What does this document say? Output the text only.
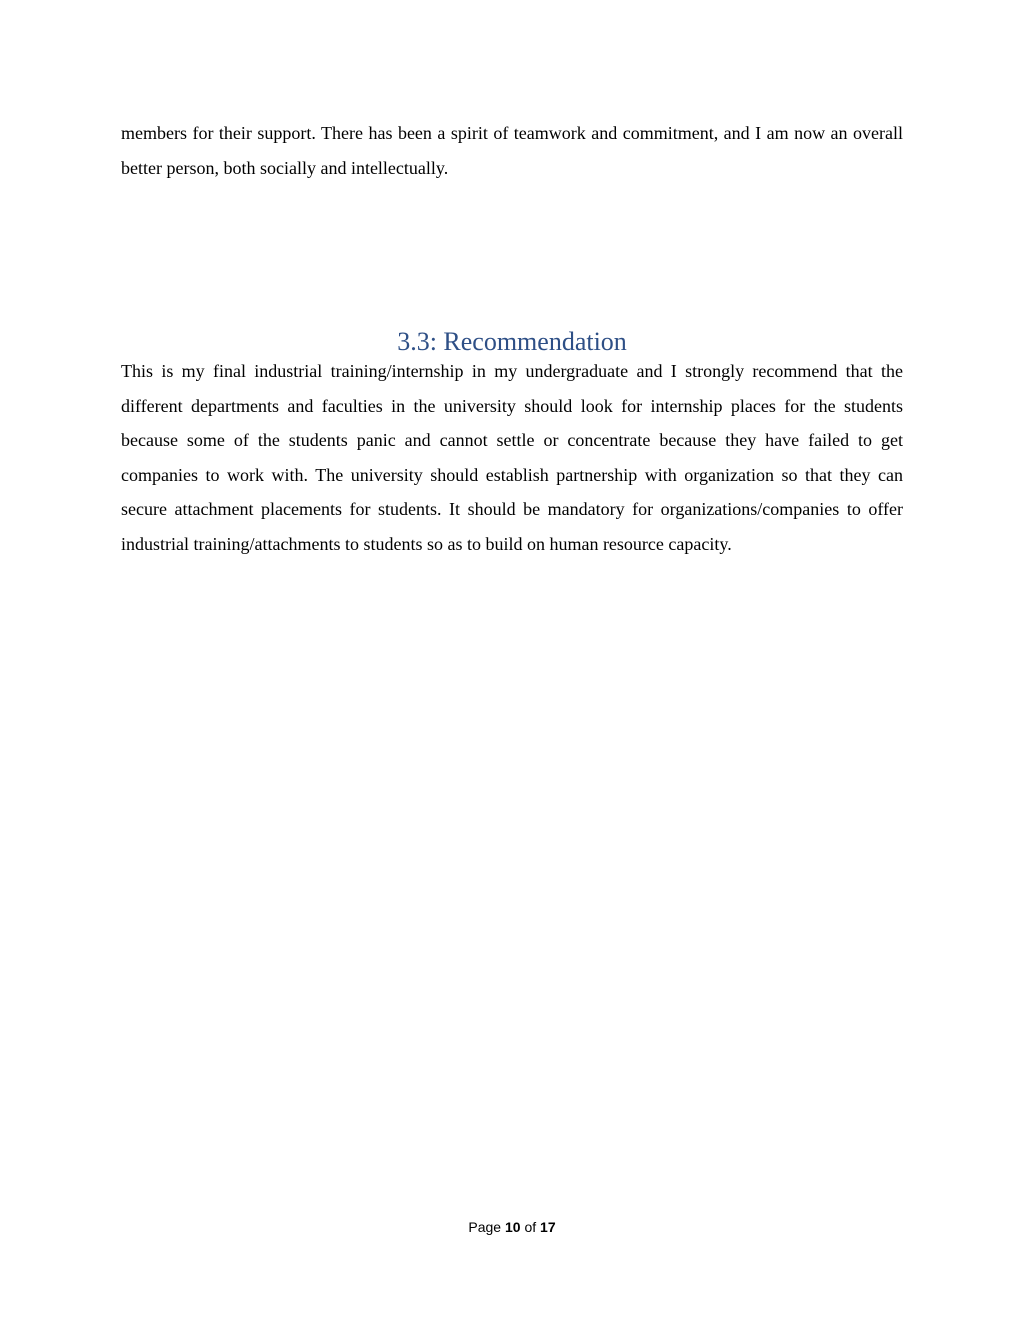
members for their support. There has been a spirit of teamwork and commitment, and I am now an overall better person, both socially and intellectually.

3.3: Recommendation

This is my final industrial training/internship in my undergraduate and I strongly recommend that the different departments and faculties in the university should look for internship places for the students because some of the students panic and cannot settle or concentrate because they have failed to get companies to work with. The university should establish partnership with organization so that they can secure attachment placements for students. It should be mandatory for organizations/companies to offer industrial training/attachments to students so as to build on human resource capacity.

Page 10 of 17
